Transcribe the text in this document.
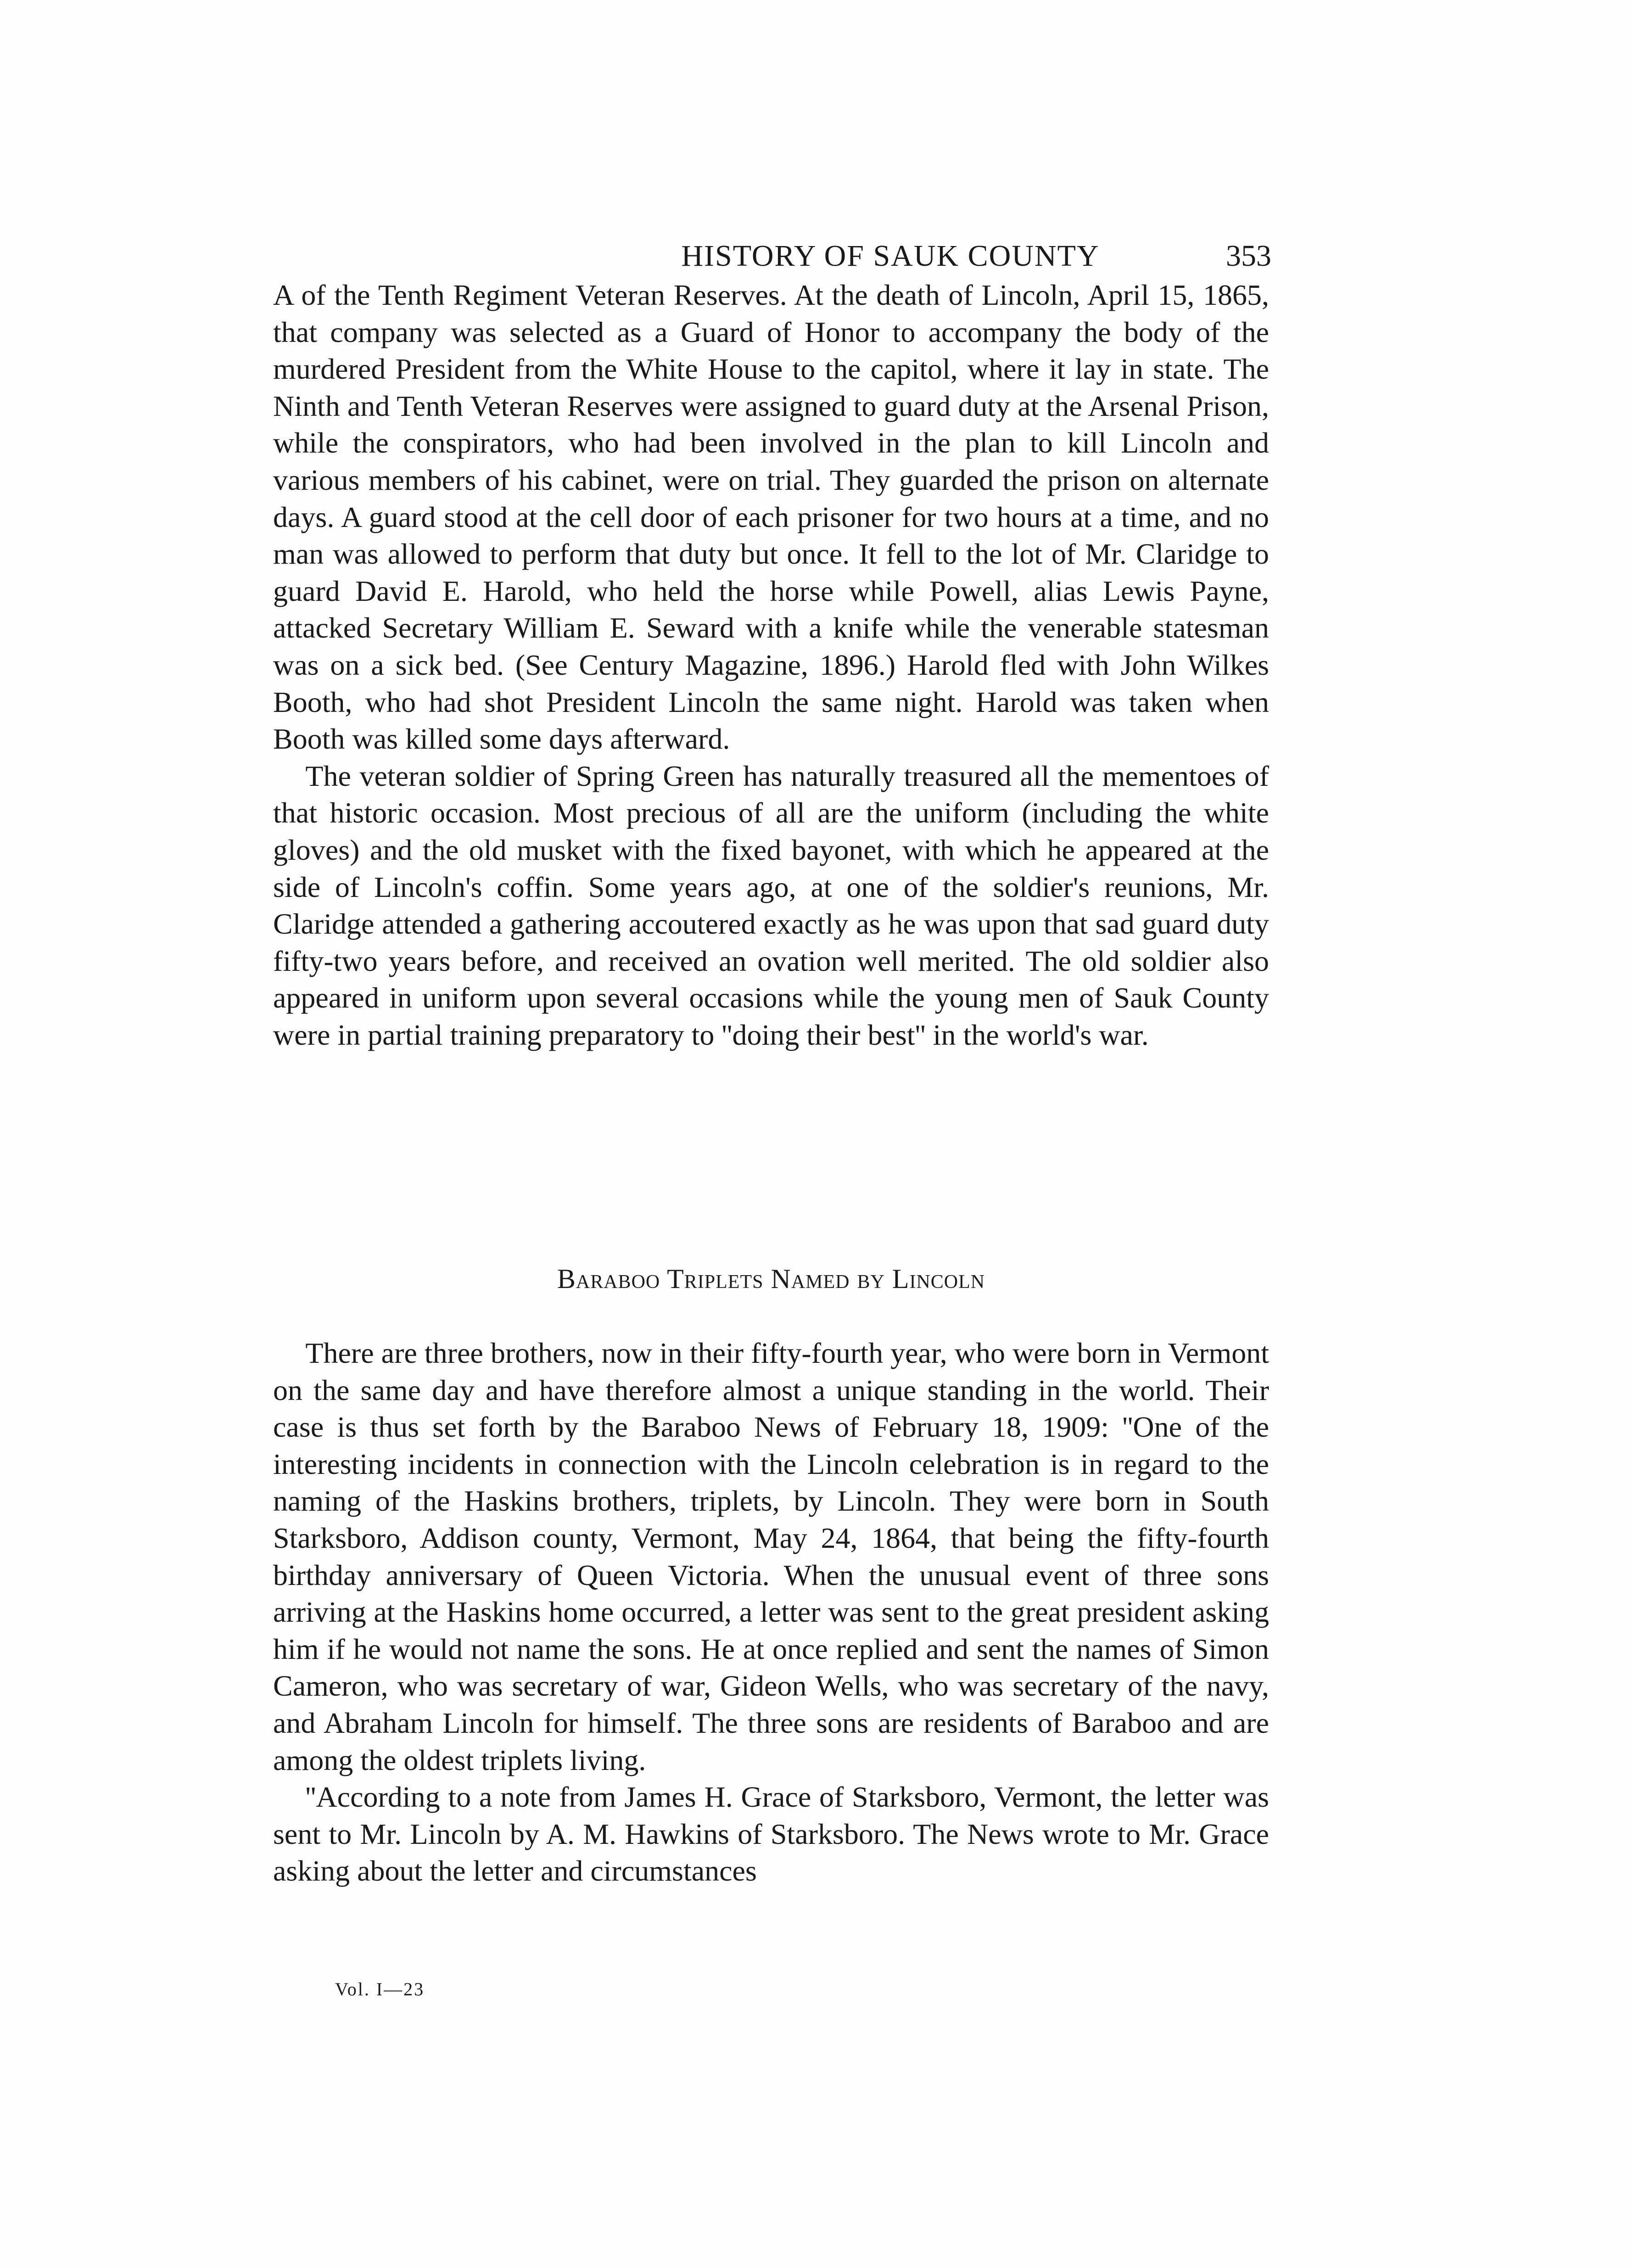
HISTORY OF SAUK COUNTY	353

A of the Tenth Regiment Veteran Reserves. At the death of Lincoln, April 15, 1865, that company was selected as a Guard of Honor to accompany the body of the murdered President from the White House to the capitol, where it lay in state. The Ninth and Tenth Veteran Reserves were assigned to guard duty at the Arsenal Prison, while the conspirators, who had been involved in the plan to kill Lincoln and various members of his cabinet, were on trial. They guarded the prison on alternate days. A guard stood at the cell door of each prisoner for two hours at a time, and no man was allowed to perform that duty but once. It fell to the lot of Mr. Claridge to guard David E. Harold, who held the horse while Powell, alias Lewis Payne, attacked Secretary William E. Seward with a knife while the venerable statesman was on a sick bed. (See Century Magazine, 1896.) Harold fled with John Wilkes Booth, who had shot President Lincoln the same night. Harold was taken when Booth was killed some days afterward.

The veteran soldier of Spring Green has naturally treasured all the mementoes of that historic occasion. Most precious of all are the uniform (including the white gloves) and the old musket with the fixed bayonet, with which he appeared at the side of Lincoln's coffin. Some years ago, at one of the soldier's reunions, Mr. Claridge attended a gathering accoutered exactly as he was upon that sad guard duty fifty-two years before, and received an ovation well merited. The old soldier also appeared in uniform upon several occasions while the young men of Sauk County were in partial training preparatory to ''doing their best'' in the world's war.

Baraboo Triplets Named by Lincoln

There are three brothers, now in their fifty-fourth year, who were born in Vermont on the same day and have therefore almost a unique standing in the world. Their case is thus set forth by the Baraboo News of February 18, 1909: ''One of the interesting incidents in connection with the Lincoln celebration is in regard to the naming of the Haskins brothers, triplets, by Lincoln. They were born in South Starksboro, Addison county, Vermont, May 24, 1864, that being the fifty-fourth birthday anniversary of Queen Victoria. When the unusual event of three sons arriving at the Haskins home occurred, a letter was sent to the great president asking him if he would not name the sons. He at once replied and sent the names of Simon Cameron, who was secretary of war, Gideon Wells, who was secretary of the navy, and Abraham Lincoln for himself. The three sons are residents of Baraboo and are among the oldest triplets living.

''According to a note from James H. Grace of Starksboro, Vermont, the letter was sent to Mr. Lincoln by A. M. Hawkins of Starksboro. The News wrote to Mr. Grace asking about the letter and circumstances

Vol. I—23
